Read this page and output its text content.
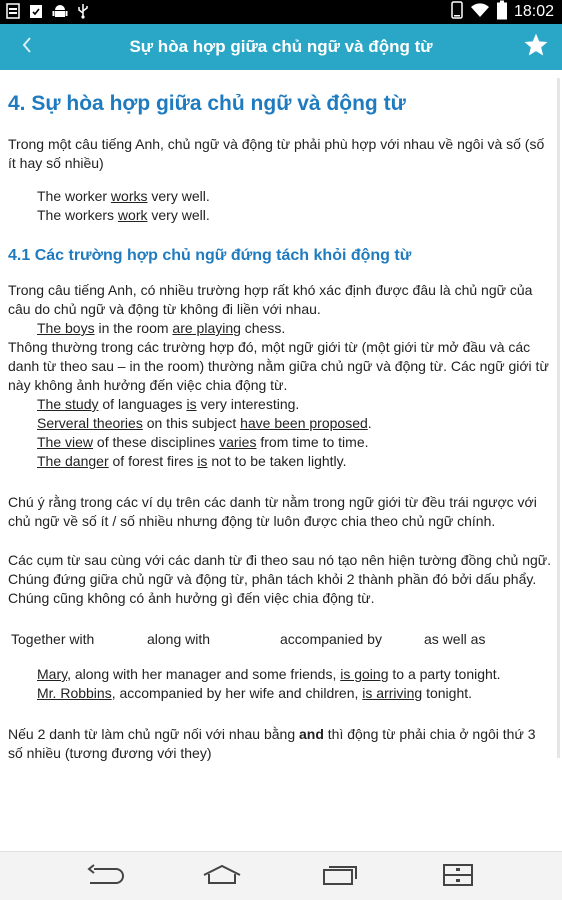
18:02
Sự hòa hợp giữa chủ ngữ và động từ
4. Sự hòa hợp giữa chủ ngữ và động từ

Trong một câu tiếng Anh, chủ ngữ và động từ phải phù hợp với nhau về ngôi và số (số ít hay số nhiều)

The worker works very well.
The workers work very well.
4.1 Các trường hợp chủ ngữ đứng tách khỏi động từ

Trong câu tiếng Anh, có nhiều trường hợp rất khó xác định được đâu là chủ ngữ của câu do chủ ngữ và động từ không đi liền với nhau.

The boys in the room are playing chess.

Thông thường trong các trường hợp đó, một ngữ giới từ (một giới từ mở đầu và các danh từ theo sau – in the room) thường nằm giữa chủ ngữ và động từ. Các ngữ giới từ này không ảnh hưởng đến việc chia động từ.

The study of languages is very interesting.
Serveral theories on this subject have been proposed.
The view of these disciplines varies from time to time.
The danger of forest fires is not to be taken lightly.

Chú ý rằng trong các ví dụ trên các danh từ nằm trong ngữ giới từ đều trái ngược với chủ ngữ về số ít / số nhiều nhưng động từ luôn được chia theo chủ ngữ chính.

Các cụm từ sau cùng với các danh từ đi theo sau nó tạo nên hiện tường đồng chủ ngữ. Chúng đứng giữa chủ ngữ và động từ, phân tách khỏi 2 thành phần đó bởi dấu phẩy. Chúng cũng không có ảnh hưởng gì đến việc chia động từ.

Together with	along with	accompanied by	as well as
Mary, along with her manager and some friends, is going to a party tonight.
Mr. Robbins, accompanied by her wife and children, is arriving tonight.

Nếu 2 danh từ làm chủ ngữ nối với nhau bằng and thì động từ phải chia ở ngôi thứ 3 số nhiều (tương đương với they)
